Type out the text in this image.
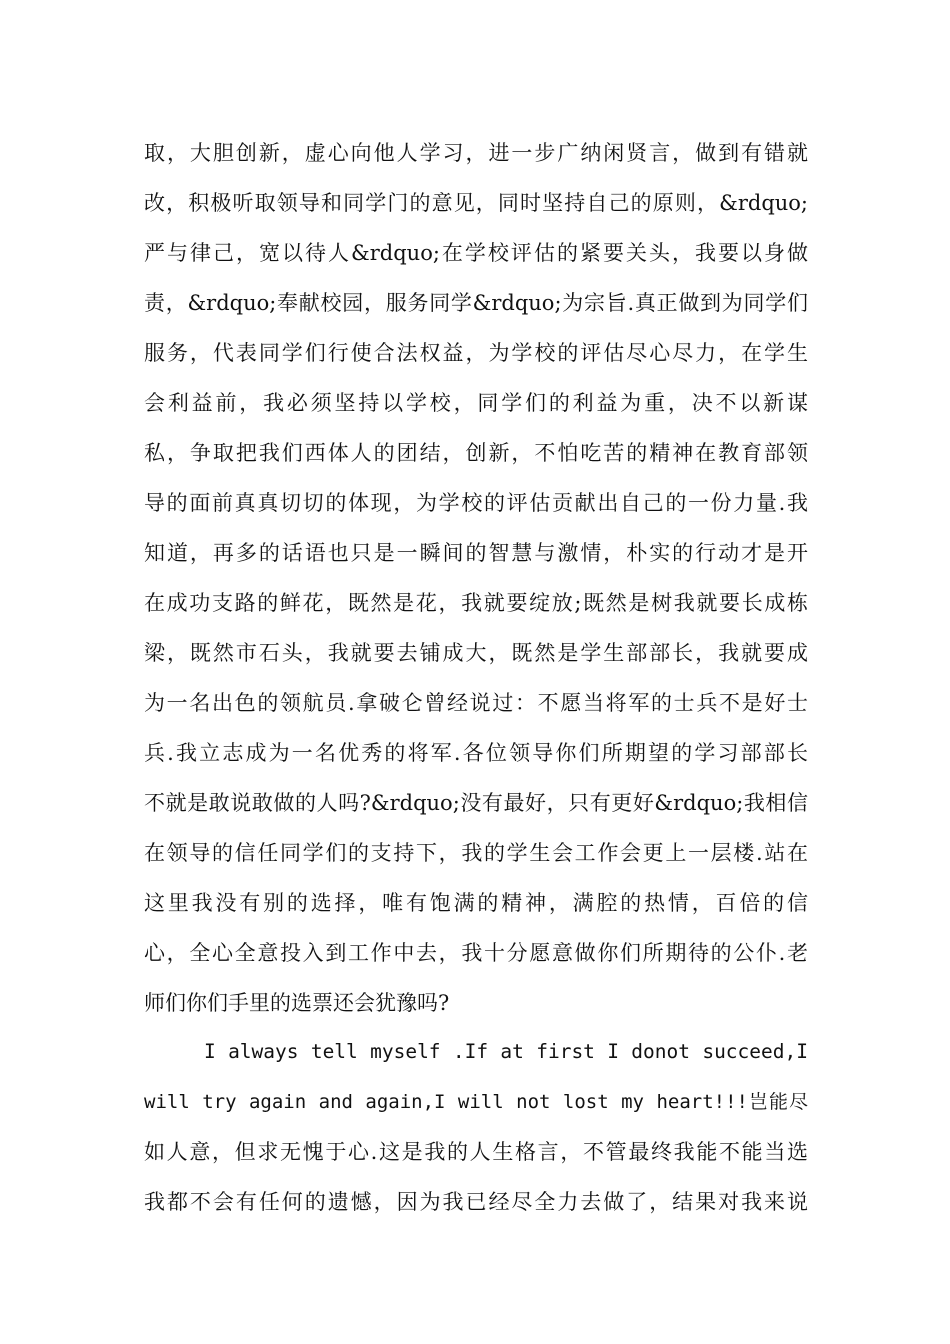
取，大胆创新，虚心向他人学习，进一步广纳闲贤言，做到有错就
改，积极听取领导和同学门的意见，同时坚持自己的原则，&rdquo;
严与律己，宽以待人&rdquo;在学校评估的紧要关头，我要以身做
责，&rdquo;奉献校园，服务同学&rdquo;为宗旨.真正做到为同学们
服务，代表同学们行使合法权益，为学校的评估尽心尽力，在学生
会利益前，我必须坚持以学校，同学们的利益为重，决不以新谋
私，争取把我们西体人的团结，创新，不怕吃苦的精神在教育部领
导的面前真真切切的体现，为学校的评估贡献出自己的一份力量.我
知道，再多的话语也只是一瞬间的智慧与激情，朴实的行动才是开
在成功支路的鲜花，既然是花，我就要绽放;既然是树我就要长成栋
梁，既然市石头，我就要去铺成大，既然是学生部部长，我就要成
为一名出色的领航员.拿破仑曾经说过：不愿当将军的士兵不是好士
兵.我立志成为一名优秀的将军.各位领导你们所期望的学习部部长
不就是敢说敢做的人吗?&rdquo;没有最好，只有更好&rdquo;我相信
在领导的信任同学们的支持下，我的学生会工作会更上一层楼.站在
这里我没有别的选择，唯有饱满的精神，满腔的热情，百倍的信
心，全心全意投入到工作中去，我十分愿意做你们所期待的公仆.老
师们你们手里的选票还会犹豫吗?
I always tell myself .If at first I donot succeed,I
will try again and again,I will not lost my heart!!!岂能尽
如人意，但求无愧于心.这是我的人生格言，不管最终我能不能当选
我都不会有任何的遗憾，因为我已经尽全力去做了，结果对我来说
